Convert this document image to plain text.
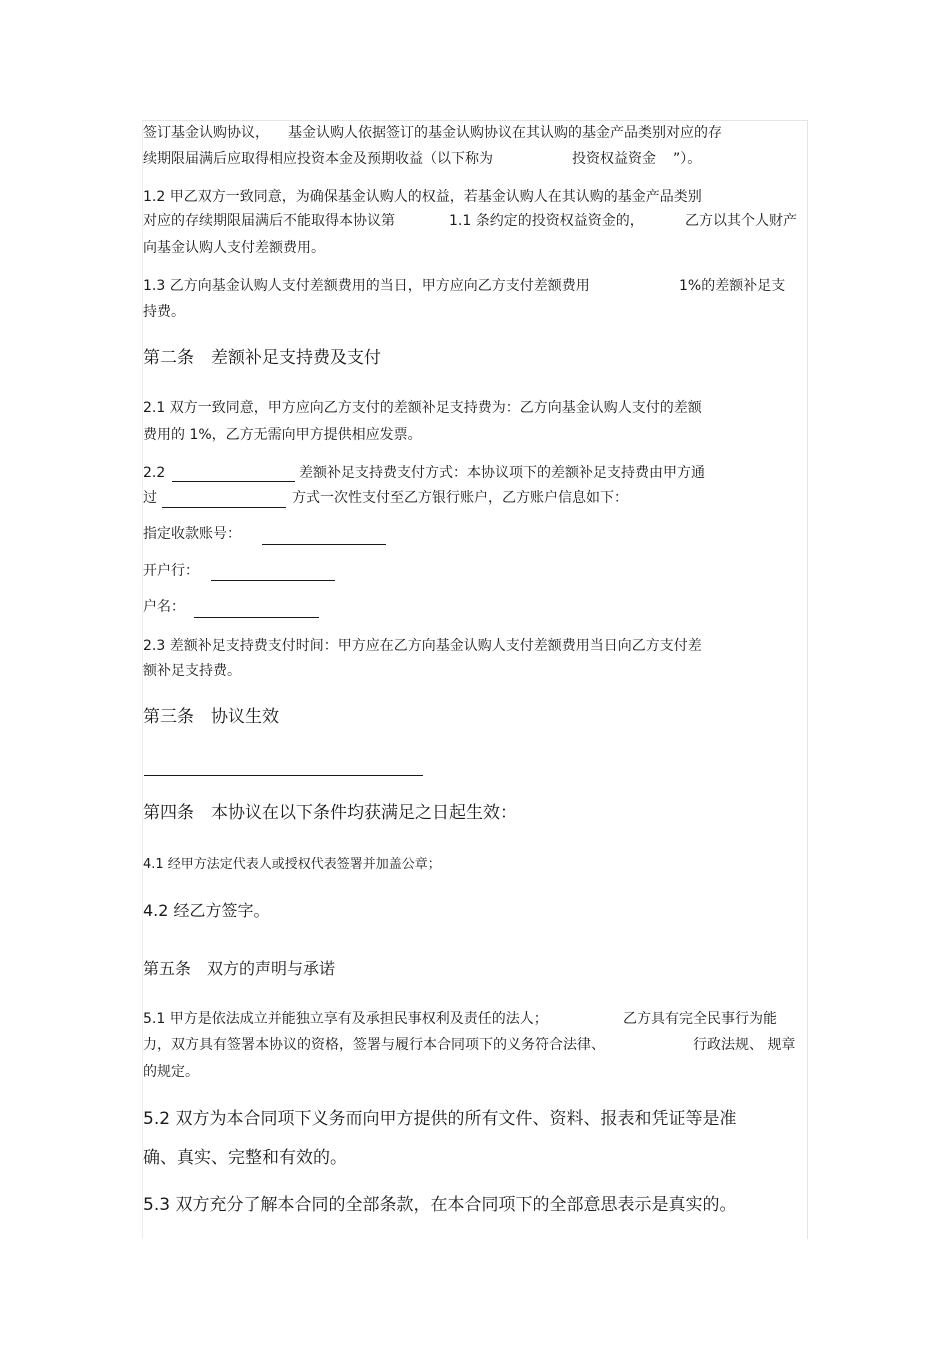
签订基金认购协议， 基金认购人依据签订的基金认购协议在其认购的基金产品类别对应的存
续期限届满后应取得相应投资本金及预期收益（以下称为	投资权益资金 ”）。
1.2 甲乙双方一致同意，为确保基金认购人的权益，若基金认购人在其认购的基金产品类别
对应的存续期限届满后不能取得本协议第	1.1 条约定的投资权益资金的，	乙方以其个人财产
向基金认购人支付差额费用。
1.3 乙方向基金认购人支付差额费用的当日，甲方应向乙方支付差额费用	1%的差额补足支
持费。
第二条　差额补足支持费及支付
2.1 双方一致同意，甲方应向乙方支付的差额补足支持费为：乙方向基金认购人支付的差额
费用的 1%，乙方无需向甲方提供相应发票。
2.2	差额补足支持费支付方式：本协议项下的差额补足支持费由甲方通
过	方式一次性支付至乙方银行账户，乙方账户信息如下：
指定收款账号：
开户行：
户名：
2.3 差额补足支持费支付时间：甲方应在乙方向基金认购人支付差额费用当日向乙方支付差
额补足支持费。
第三条　协议生效
第四条　本协议在以下条件均获满足之日起生效：
4.1 经甲方法定代表人或授权代表签署并加盖公章；
4.2 经乙方签字。
第五条　双方的声明与承诺
5.1 甲方是依法成立并能独立享有及承担民事权利及责任的法人；	乙方具有完全民事行为能
力，双方具有签署本协议的资格，签署与履行本合同项下的义务符合法律、	行政法规、 规章
的规定。
5.2 双方为本合同项下义务而向甲方提供的所有文件、资料、报表和凭证等是准
确、真实、完整和有效的。
5.3 双方充分了解本合同的全部条款，在本合同项下的全部意思表示是真实的。
